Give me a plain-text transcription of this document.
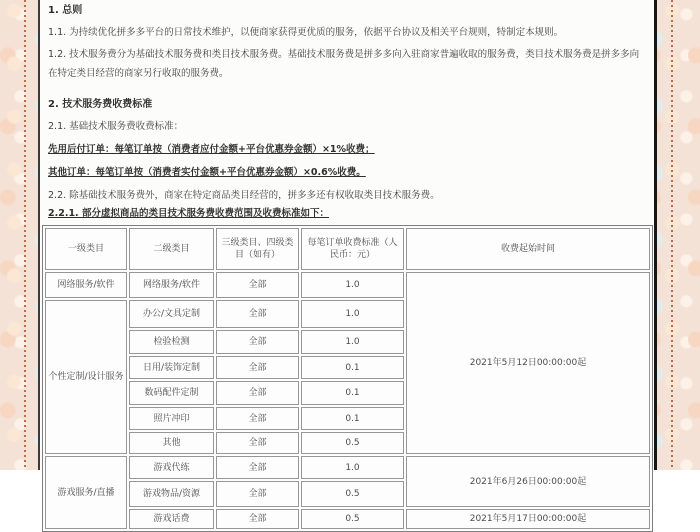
1. 总则

1.1. 为持续优化拼多多平台的日常技术维护，以便商家获得更优质的服务，依据平台协议及相关平台规则，特制定本规则。

1.2. 技术服务费分为基础技术服务费和类目技术服务费。基础技术服务费是拼多多向入驻商家普遍收取的服务费，类目技术服务费是拼多多向在特定类目经营的商家另行收取的服务费。

2. 技术服务费收费标准

2.1. 基础技术服务费收费标准：

先用后付订单：每笔订单按（消费者应付金额+平台优惠券金额）×1%收费；

其他订单：每笔订单按（消费者实付金额+平台优惠券金额）×0.6%收费。

2.2. 除基础技术服务费外，商家在特定商品类目经营的，拼多多还有权收取类目技术服务费。

2.2.1. 部分虚拟商品的类目技术服务费收费范围及收费标准如下：

一级类目	二级类目	三级类目、四级类目（如有）	每笔订单收费标准（人民币：元）	收费起始时间
网络服务/软件	网络服务/软件	全部	1.0	2021年5月12日00:00:00起
个性定制/设计服务	办公/文具定制	全部	1.0	
	检验检测	全部	1.0	
	日用/装饰定制	全部	0.1	
	数码配件定制	全部	0.1	
	照片冲印	全部	0.1	
	其他	全部	0.5	
游戏服务/直播	游戏代练	全部	1.0	2021年6月26日00:00:00起
	游戏物品/资源	全部	0.5	
	游戏话费	全部	0.5	2021年5月17日00:00:00起
